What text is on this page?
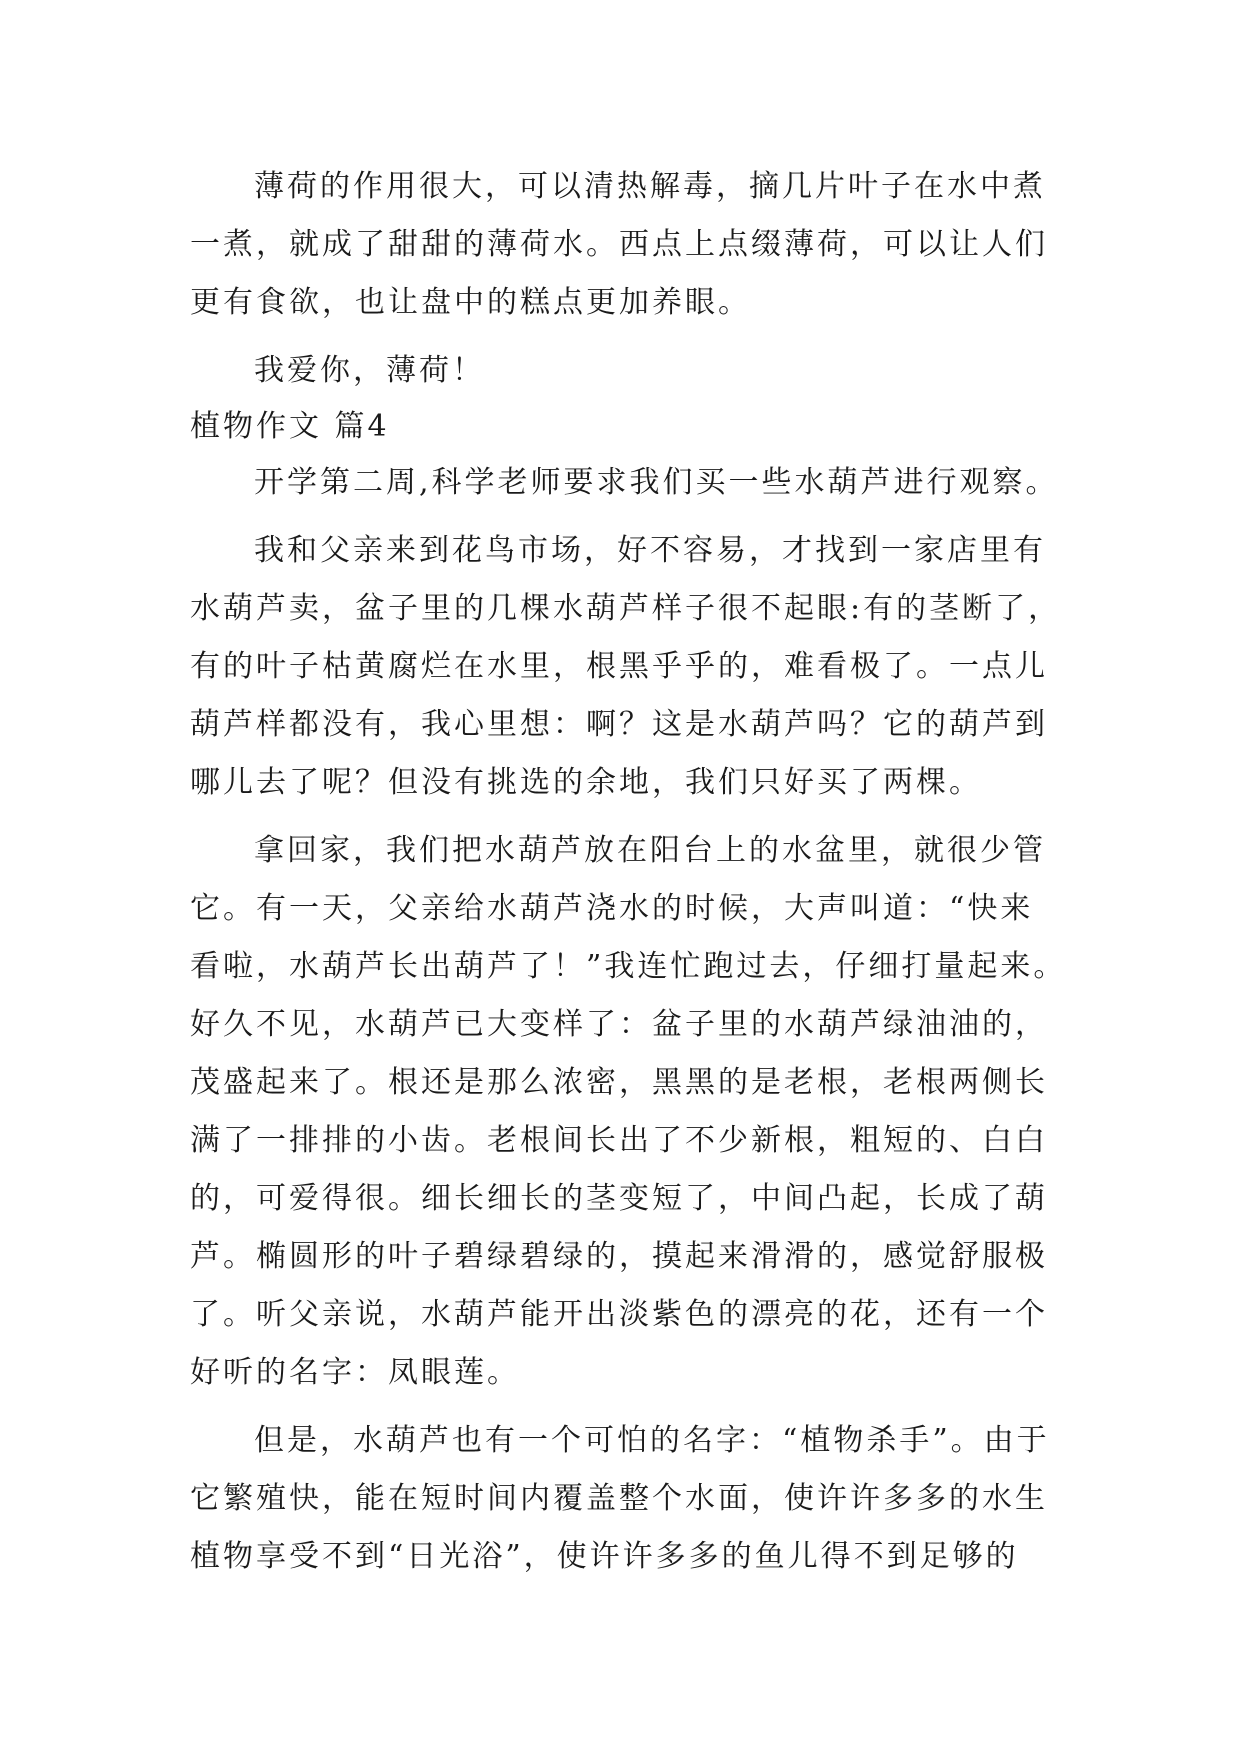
薄荷的作用很大，可以清热解毒，摘几片叶子在水中煮
一煮，就成了甜甜的薄荷水。西点上点缀薄荷，可以让人们
更有食欲，也让盘中的糕点更加养眼。
我爱你，薄荷！
植物作文 篇4
开学第二周,科学老师要求我们买一些水葫芦进行观察。
我和父亲来到花鸟市场，好不容易，才找到一家店里有
水葫芦卖，盆子里的几棵水葫芦样子很不起眼:有的茎断了，
有的叶子枯黄腐烂在水里，根黑乎乎的，难看极了。一点儿
葫芦样都没有，我心里想：啊？这是水葫芦吗？它的葫芦到
哪儿去了呢？但没有挑选的余地，我们只好买了两棵。
拿回家，我们把水葫芦放在阳台上的水盆里，就很少管
它。有一天，父亲给水葫芦浇水的时候，大声叫道：“快来
看啦，水葫芦长出葫芦了！”我连忙跑过去，仔细打量起来。
好久不见，水葫芦已大变样了：盆子里的水葫芦绿油油的，
茂盛起来了。根还是那么浓密，黑黑的是老根，老根两侧长
满了一排排的小齿。老根间长出了不少新根，粗短的、白白
的，可爱得很。细长细长的茎变短了，中间凸起，长成了葫
芦。椭圆形的叶子碧绿碧绿的，摸起来滑滑的，感觉舒服极
了。听父亲说，水葫芦能开出淡紫色的漂亮的花，还有一个
好听的名字：凤眼莲。
但是，水葫芦也有一个可怕的名字：“植物杀手”。由于
它繁殖快，能在短时间内覆盖整个水面，使许许多多的水生
植物享受不到“日光浴”，使许许多多的鱼儿得不到足够的
